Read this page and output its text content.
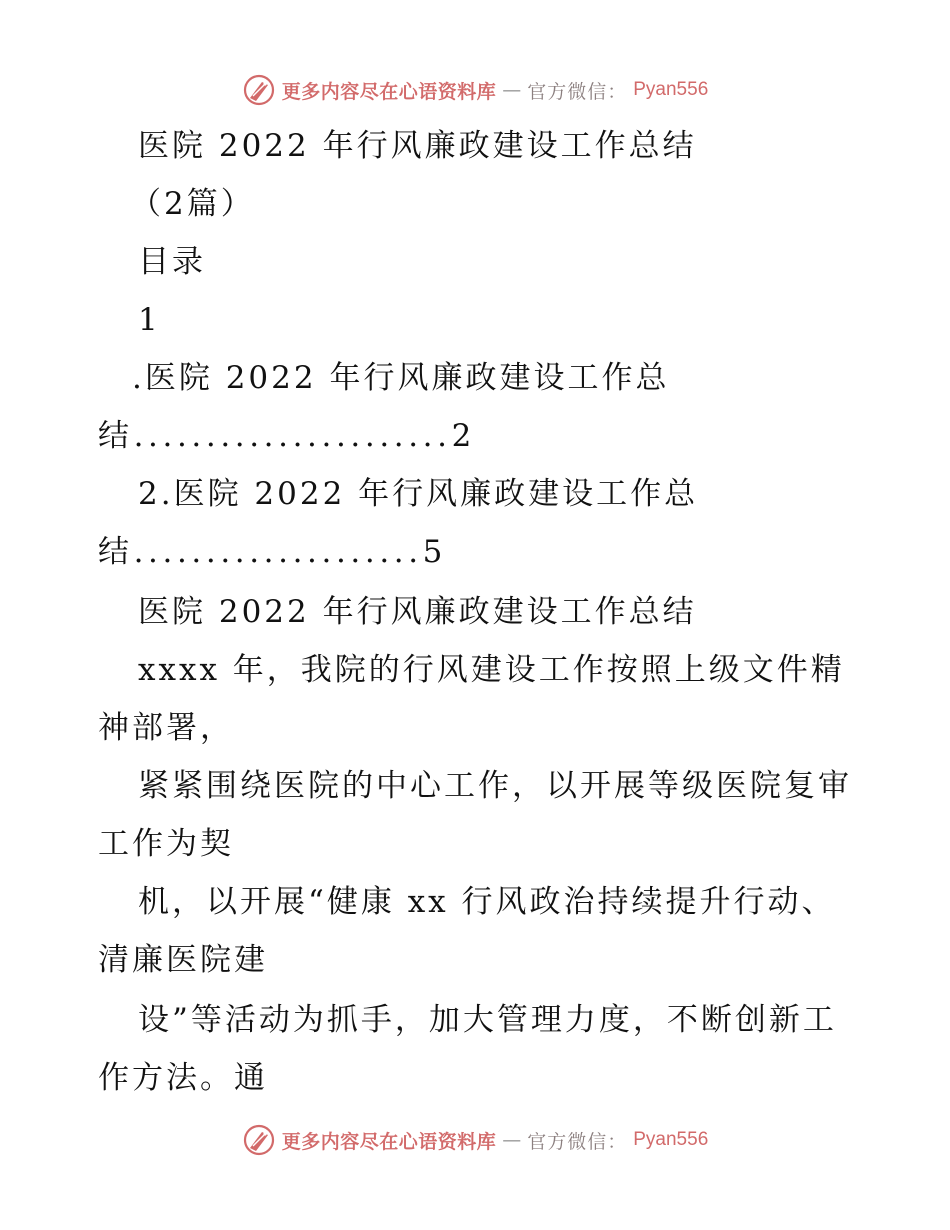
更多内容尽在心语资料库 — 官方微信： Pyan556
医院 2022 年行风廉政建设工作总结
（2篇）
目录
1
.医院 2022 年行风廉政建设工作总
结......................2
2.医院 2022 年行风廉政建设工作总
结....................5
医院 2022 年行风廉政建设工作总结
xxxx 年，我院的行风建设工作按照上级文件精
神部署，
紧紧围绕医院的中心工作，以开展等级医院复审
工作为契
机，以开展“健康 xx 行风政治持续提升行动、
清廉医院建
设”等活动为抓手，加大管理力度，不断创新工
作方法。通
更多内容尽在心语资料库 — 官方微信： Pyan556
